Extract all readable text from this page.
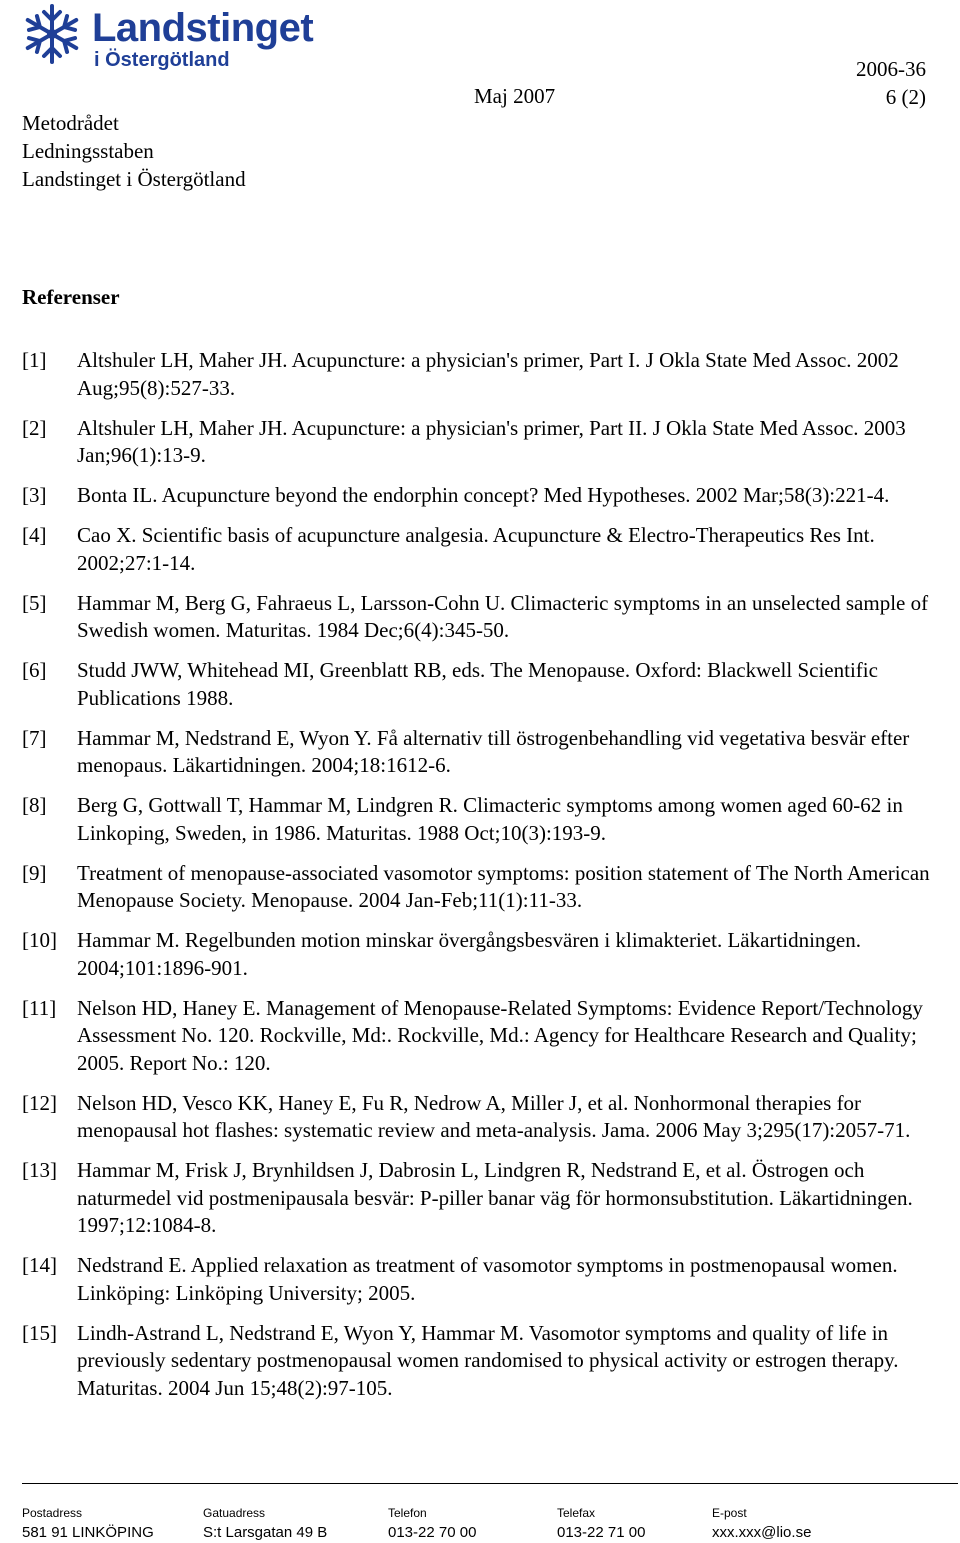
Landstinget
i Östergötland
Metodrådet
Ledningsstaben
Landstinget i Östergötland
Maj 2007
2006-36
6 (2)
Referenser
[1]	Altshuler LH, Maher JH. Acupuncture: a physician's primer, Part I. J Okla State Med Assoc. 2002 Aug;95(8):527-33.
[2]	Altshuler LH, Maher JH. Acupuncture: a physician's primer, Part II. J Okla State Med Assoc. 2003 Jan;96(1):13-9.
[3]	Bonta IL. Acupuncture beyond the endorphin concept? Med Hypotheses. 2002 Mar;58(3):221-4.
[4]	Cao X. Scientific basis of acupuncture analgesia. Acupuncture & Electro-Therapeutics Res Int. 2002;27:1-14.
[5]	Hammar M, Berg G, Fahraeus L, Larsson-Cohn U. Climacteric symptoms in an unselected sample of Swedish women. Maturitas. 1984 Dec;6(4):345-50.
[6]	Studd JWW, Whitehead MI, Greenblatt RB, eds. The Menopause. Oxford: Blackwell Scientific Publications 1988.
[7]	Hammar M, Nedstrand E, Wyon Y. Få alternativ till östrogenbehandling vid vegetativa besvär efter menopaus. Läkartidningen. 2004;18:1612-6.
[8]	Berg G, Gottwall T, Hammar M, Lindgren R. Climacteric symptoms among women aged 60-62 in Linkoping, Sweden, in 1986. Maturitas. 1988 Oct;10(3):193-9.
[9]	Treatment of menopause-associated vasomotor symptoms: position statement of The North American Menopause Society. Menopause. 2004 Jan-Feb;11(1):11-33.
[10] Hammar M. Regelbunden motion minskar övergångsbesvären i klimakteriet. Läkartidningen. 2004;101:1896-901.
[11] Nelson HD, Haney E. Management of Menopause-Related Symptoms: Evidence Report/Technology Assessment No. 120. Rockville, Md:. Rockville, Md.: Agency for Healthcare Research and Quality; 2005. Report No.: 120.
[12] Nelson HD, Vesco KK, Haney E, Fu R, Nedrow A, Miller J, et al. Nonhormonal therapies for menopausal hot flashes: systematic review and meta-analysis. Jama. 2006 May 3;295(17):2057-71.
[13] Hammar M, Frisk J, Brynhildsen J, Dabrosin L, Lindgren R, Nedstrand E, et al. Östrogen och naturmedel vid postmenipausala besvär: P-piller banar väg för hormonsubstitution. Läkartidningen. 1997;12:1084-8.
[14] Nedstrand E. Applied relaxation as treatment of vasomotor symptoms in postmenopausal women. Linköping: Linköping University; 2005.
[15] Lindh-Astrand L, Nedstrand E, Wyon Y, Hammar M. Vasomotor symptoms and quality of life in previously sedentary postmenopausal women randomised to physical activity or estrogen therapy. Maturitas. 2004 Jun 15;48(2):97-105.
Postadress
581 91 LINKÖPING
Gatuadress
S:t Larsgatan 49 B
Telefon
013-22 70 00
Telefax
013-22 71 00
E-post
xxx.xxx@lio.se
